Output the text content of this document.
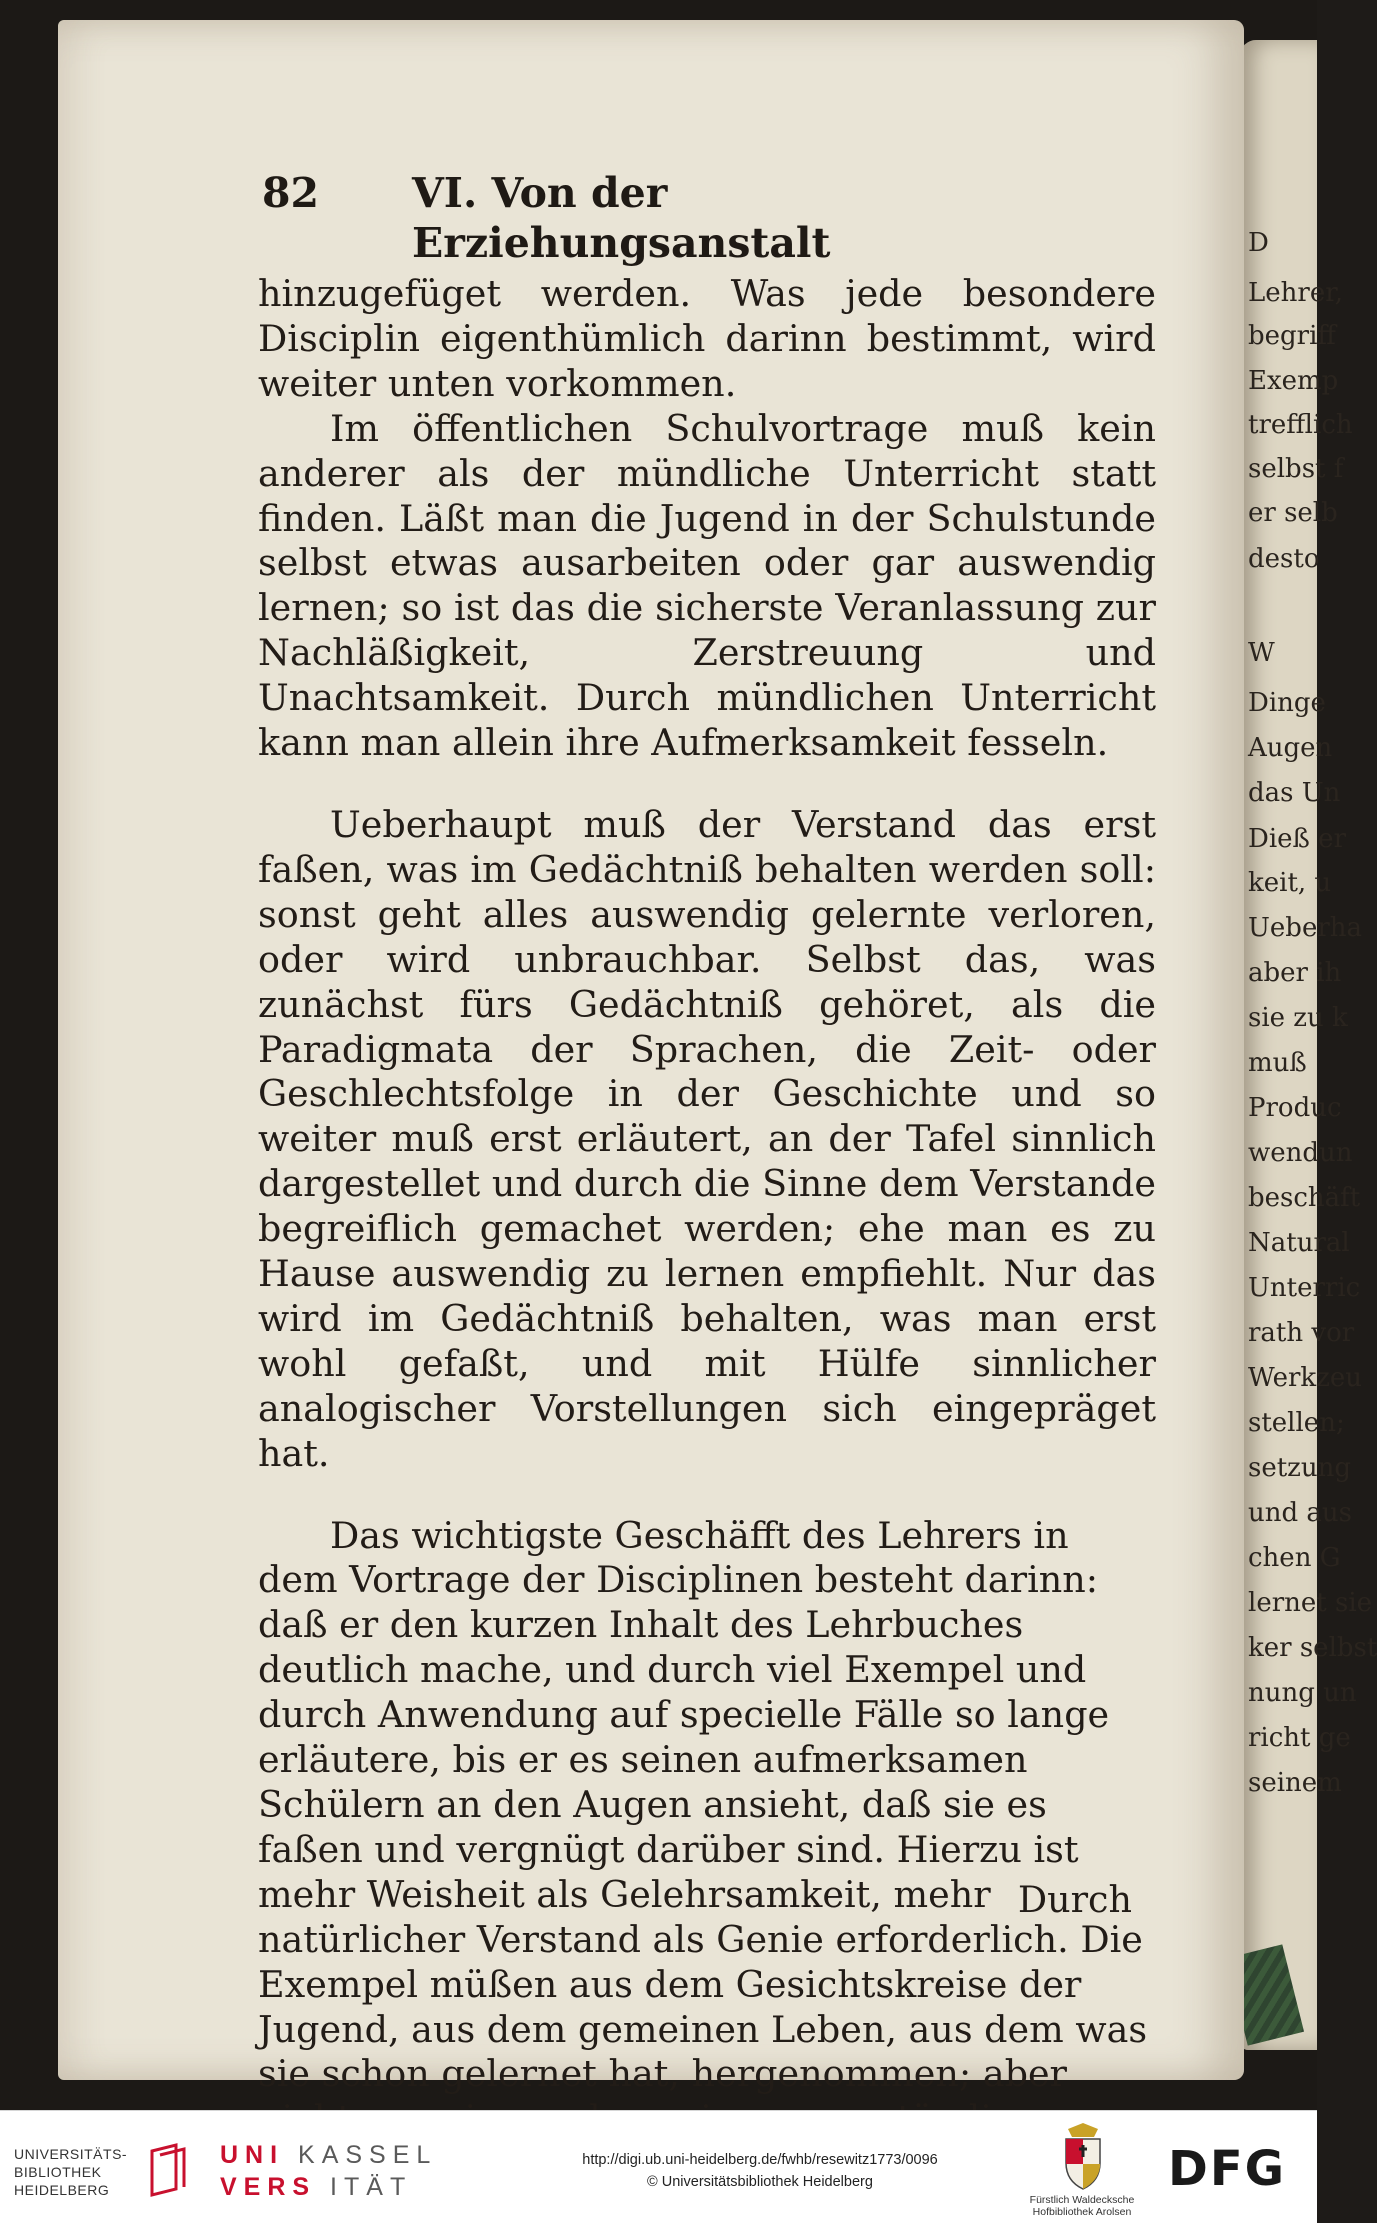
D
Lehrer,
begriff
Exemp
trefflich
selbst f
er selb
desto
W
Dinge
Augen
das Un
Dieß er
keit, u
Ueberha
aber ih
sie zu k
muß
Produc
wendun
beschäft
Natural
Unterric
rath vor
Werkzeu
stellen;
setzung
und aus
chen G
lernet sie
ker selbst
nung un
richt ge
seinem
82 VI. Von der Erziehungsanstalt

hinzugefüget werden. Was jede besondere Disciplin eigenthümlich darinn bestimmt, wird weiter unten vorkommen.

Im öffentlichen Schulvortrage muß kein anderer als der mündliche Unterricht statt finden. Läßt man die Jugend in der Schulstunde selbst etwas ausarbeiten oder gar auswendig lernen; so ist das die sicherste Veranlassung zur Nachläßigkeit, Zerstreuung und Unachtsamkeit. Durch mündlichen Unterricht kann man allein ihre Aufmerksamkeit fesseln.

Ueberhaupt muß der Verstand das erst faßen, was im Gedächtniß behalten werden soll: sonst geht alles auswendig gelernte verloren, oder wird unbrauchbar. Selbst das, was zunächst fürs Gedächtniß gehöret, als die Paradigmata der Sprachen, die Zeit- oder Geschlechtsfolge in der Geschichte und so weiter muß erst erläutert, an der Tafel sinnlich dargestellet und durch die Sinne dem Verstande begreiflich gemachet werden; ehe man es zu Hause auswendig zu lernen empfiehlt. Nur das wird im Gedächtniß behalten, was man erst wohl gefaßt, und mit Hülfe sinnlicher analogischer Vorstellungen sich eingepräget hat.

Das wichtigste Geschäfft des Lehrers in dem Vortrage der Disciplinen besteht darinn: daß er den kurzen Inhalt des Lehrbuches deutlich mache, und durch viel Exempel und durch Anwendung auf specielle Fälle so lange erläutere, bis er es seinen aufmerksamen Schülern an den Augen ansieht, daß sie es faßen und vergnügt darüber sind. Hierzu ist mehr Weisheit als Gelehrsamkeit, mehr natürlicher Verstand als Genie erforderlich. Die Exempel müßen aus dem Gesichtskreise der Jugend, aus dem gemeinen Leben, aus dem was sie schon gelernet hat, hergenommen; aber

Durch
UNIVERSITÄTS-
BIBLIOTHEK
HEIDELBERG
UNI KASSEL
VERS ITÄT
http://digi.ub.uni-heidelberg.de/fwhb/resewitz1773/0096
© Universitätsbibliothek Heidelberg
Fürstlich Waldecksche
Hofbibliothek Arolsen
DFG
